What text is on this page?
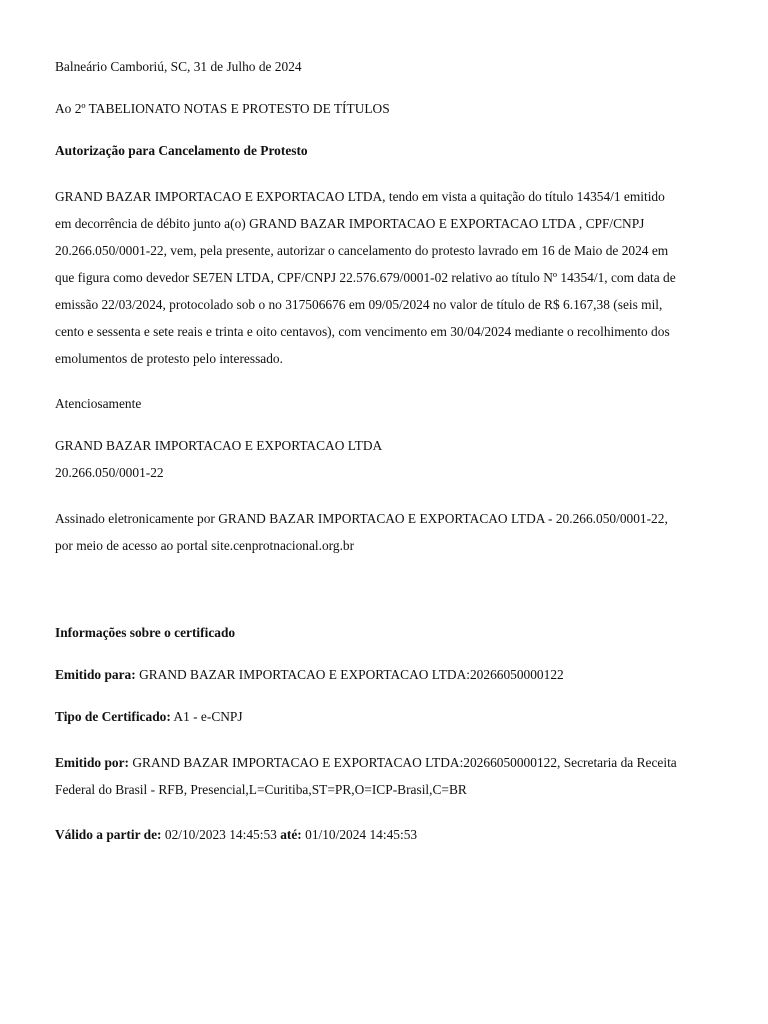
Balneário Camboriú, SC, 31 de Julho de 2024

Ao 2º TABELIONATO NOTAS E PROTESTO DE TÍTULOS

Autorização para Cancelamento de Protesto

GRAND BAZAR IMPORTACAO E EXPORTACAO LTDA, tendo em vista a quitação do título 14354/1 emitido

em decorrência de débito junto a(o) GRAND BAZAR IMPORTACAO E EXPORTACAO LTDA , CPF/CNPJ

20.266.050/0001-22, vem, pela presente, autorizar o cancelamento do protesto lavrado em 16 de Maio de 2024 em

que figura como devedor SE7EN LTDA, CPF/CNPJ 22.576.679/0001-02 relativo ao título Nº 14354/1, com data de

emissão 22/03/2024, protocolado sob o no 317506676 em 09/05/2024 no valor de título de R$ 6.167,38 (seis mil,

cento e sessenta e sete reais e trinta e oito centavos), com vencimento em 30/04/2024 mediante o recolhimento dos

emolumentos de protesto pelo interessado.

Atenciosamente

GRAND BAZAR IMPORTACAO E EXPORTACAO LTDA

20.266.050/0001-22

Assinado eletronicamente por GRAND BAZAR IMPORTACAO E EXPORTACAO LTDA - 20.266.050/0001-22,

por meio de acesso ao portal site.cenprotnacional.org.br

Informações sobre o certificado

Emitido para: GRAND BAZAR IMPORTACAO E EXPORTACAO LTDA:20266050000122

Tipo de Certificado: A1 - e-CNPJ

Emitido por: GRAND BAZAR IMPORTACAO E EXPORTACAO LTDA:20266050000122, Secretaria da Receita

Federal do Brasil - RFB, Presencial,L=Curitiba,ST=PR,O=ICP-Brasil,C=BR

Válido a partir de: 02/10/2023 14:45:53 até: 01/10/2024 14:45:53
